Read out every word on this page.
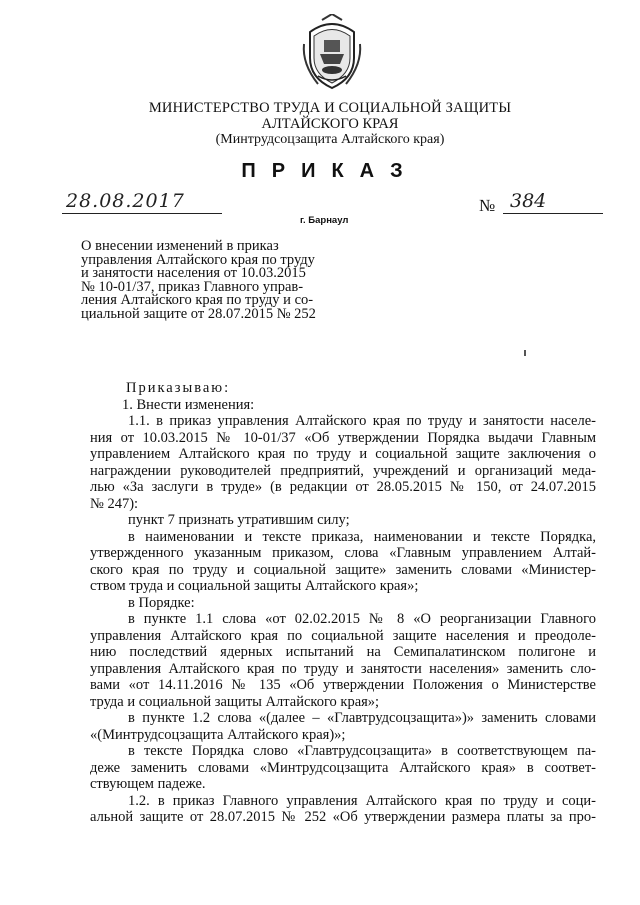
МИНИСТЕРСТВО ТРУДА И СОЦИАЛЬНОЙ ЗАЩИТЫ
АЛТАЙСКОГО КРАЯ
(Минтрудсоцзащита Алтайского края)
ПРИКАЗ
28.08.2017	№ 384
г. Барнаул
О внесении изменений в приказ
управления Алтайского края по труду
и занятости населения от 10.03.2015
№ 10-01/37, приказ Главного управ-
ления Алтайского края по труду и со-
циальной защите от 28.07.2015 № 252
Приказываю:
1. Внести изменения:
1.1. в приказ управления Алтайского края по труду и занятости населе-
ния от 10.03.2015 № 10-01/37 «Об утверждении Порядка выдачи Главным
управлением Алтайского края по труду и социальной защите заключения о
награждении руководителей предприятий, учреждений и организаций меда-
лью «За заслуги в труде» (в редакции от 28.05.2015 № 150, от 24.07.2015
№ 247):
пункт 7 признать утратившим силу;
в наименовании и тексте приказа, наименовании и тексте Порядка,
утвержденного указанным приказом, слова «Главным управлением Алтай-
ского края по труду и социальной защите» заменить словами «Министер-
ством труда и социальной защиты Алтайского края»;
в Порядке:
в пункте 1.1 слова «от 02.02.2015 № 8 «О реорганизации Главного
управления Алтайского края по социальной защите населения и преодоле-
нию последствий ядерных испытаний на Семипалатинском полигоне и
управления Алтайского края по труду и занятости населения» заменить сло-
вами «от 14.11.2016 № 135 «Об утверждении Положения о Министерстве
труда и социальной защиты Алтайского края»;
в пункте 1.2 слова «(далее – «Главтрудсоцзащита»)» заменить словами
«(Минтрудсоцзащита Алтайского края)»;
в тексте Порядка слово «Главтрудсоцзащита» в соответствующем па-
деже заменить словами «Минтрудсоцзащита Алтайского края» в соответ-
ствующем падеже.
1.2. в приказ Главного управления Алтайского края по труду и соци-
альной защите от 28.07.2015 № 252 «Об утверждении размера платы за про-
